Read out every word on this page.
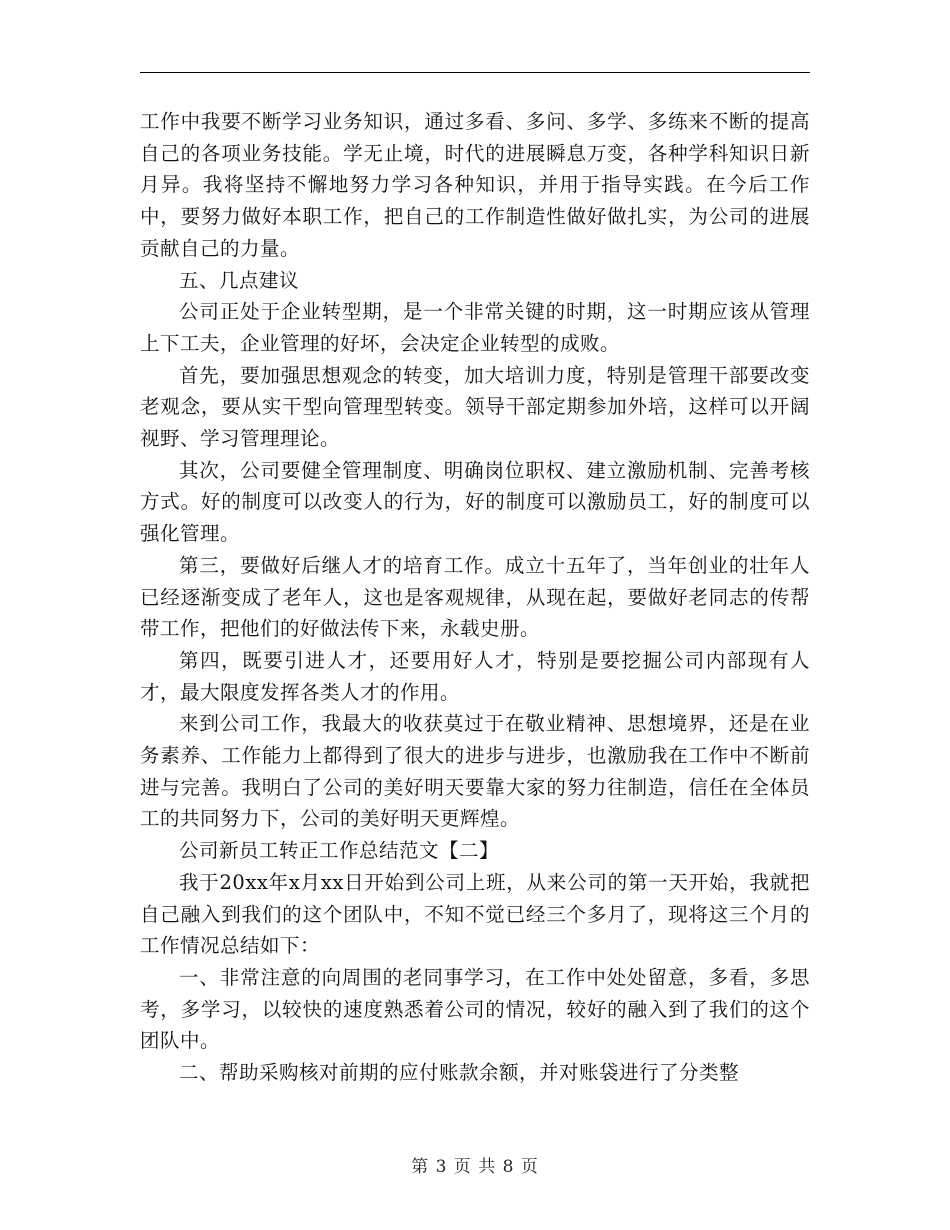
工作中我要不断学习业务知识，通过多看、多问、多学、多练来不断的提高自己的各项业务技能。学无止境，时代的进展瞬息万变，各种学科知识日新月异。我将坚持不懈地努力学习各种知识，并用于指导实践。在今后工作中，要努力做好本职工作，把自己的工作制造性做好做扎实，为公司的进展贡献自己的力量。

五、几点建议

公司正处于企业转型期，是一个非常关键的时期，这一时期应该从管理上下工夫，企业管理的好坏，会决定企业转型的成败。

首先，要加强思想观念的转变，加大培训力度，特别是管理干部要改变老观念，要从实干型向管理型转变。领导干部定期参加外培，这样可以开阔视野、学习管理理论。

其次，公司要健全管理制度、明确岗位职权、建立激励机制、完善考核方式。好的制度可以改变人的行为，好的制度可以激励员工，好的制度可以强化管理。

第三，要做好后继人才的培育工作。成立十五年了，当年创业的壮年人已经逐渐变成了老年人，这也是客观规律，从现在起，要做好老同志的传帮带工作，把他们的好做法传下来，永载史册。

第四，既要引进人才，还要用好人才，特别是要挖掘公司内部现有人才，最大限度发挥各类人才的作用。

来到公司工作，我最大的收获莫过于在敬业精神、思想境界，还是在业务素养、工作能力上都得到了很大的进步与进步，也激励我在工作中不断前进与完善。我明白了公司的美好明天要靠大家的努力往制造，信任在全体员工的共同努力下，公司的美好明天更辉煌。

公司新员工转正工作总结范文【二】

我于20xx年x月xx日开始到公司上班，从来公司的第一天开始，我就把自己融入到我们的这个团队中，不知不觉已经三个多月了，现将这三个月的工作情况总结如下：

一、非常注意的向周围的老同事学习，在工作中处处留意，多看，多思考，多学习，以较快的速度熟悉着公司的情况，较好的融入到了我们的这个团队中。

二、帮助采购核对前期的应付账款余额，并对账袋进行了分类整

第 3 页 共 8 页
